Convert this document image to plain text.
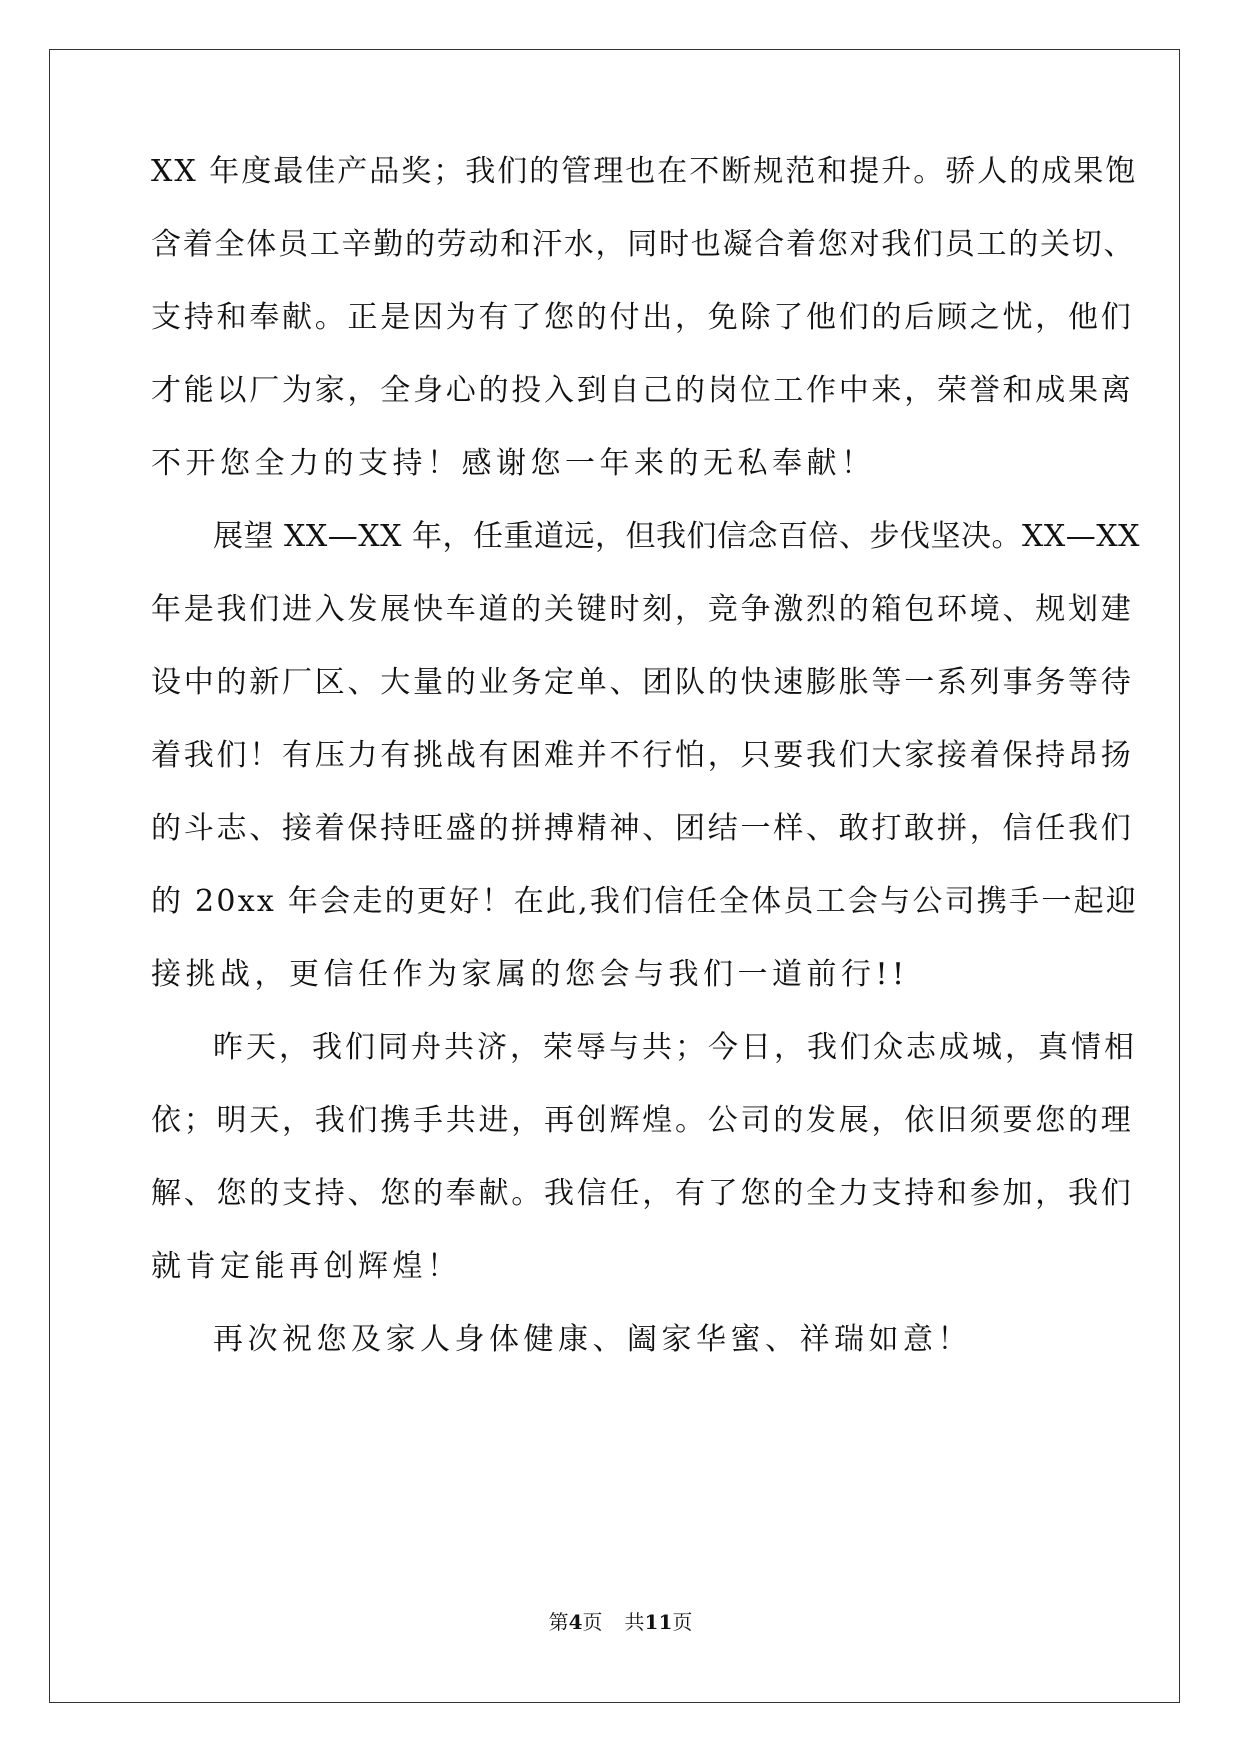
XX 年度最佳产品奖；我们的管理也在不断规范和提升。骄人的成果饱
含着全体员工辛勤的劳动和汗水，同时也凝合着您对我们员工的关切、
支持和奉献。正是因为有了您的付出，免除了他们的后顾之忧，他们
才能以厂为家，全身心的投入到自己的岗位工作中来，荣誉和成果离
不开您全力的支持！感谢您一年来的无私奉献！
展望 XX—XX 年，任重道远，但我们信念百倍、步伐坚决。XX—XX
年是我们进入发展快车道的关键时刻，竞争激烈的箱包环境、规划建
设中的新厂区、大量的业务定单、团队的快速膨胀等一系列事务等待
着我们！有压力有挑战有困难并不行怕，只要我们大家接着保持昂扬
的斗志、接着保持旺盛的拼搏精神、团结一样、敢打敢拼，信任我们
的 20xx 年会走的更好！在此,我们信任全体员工会与公司携手一起迎
接挑战，更信任作为家属的您会与我们一道前行!!
昨天，我们同舟共济，荣辱与共；今日，我们众志成城，真情相
依；明天，我们携手共进，再创辉煌。公司的发展，依旧须要您的理
解、您的支持、您的奉献。我信任，有了您的全力支持和参加，我们
就肯定能再创辉煌！
再次祝您及家人身体健康、阖家华蜜、祥瑞如意！
第4页 共11页
